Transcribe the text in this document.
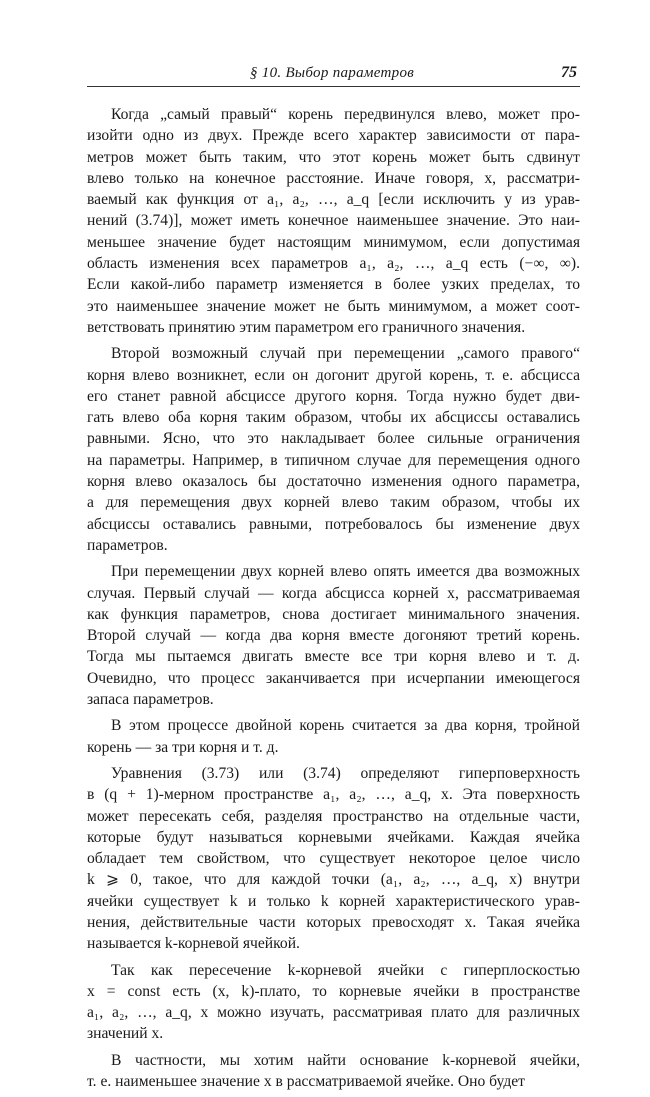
§ 10. Выбор параметров	75
Когда „самый правый“ корень передвинулся влево, может про-
изойти одно из двух. Прежде всего характер зависимости от пара-
метров может быть таким, что этот корень может быть сдвинут
влево только на конечное расстояние. Иначе говоря, x, рассматри-
ваемый как функция от a₁, a₂, …, a_q [если исключить y из урав-
нений (3.74)], может иметь конечное наименьшее значение. Это наи-
меньшее значение будет настоящим минимумом, если допустимая
область изменения всех параметров a₁, a₂, …, a_q есть (−∞, ∞).
Если какой-либо параметр изменяется в более узких пределах, то
это наименьшее значение может не быть минимумом, а может соот-
ветствовать принятию этим параметром его граничного значения.
Второй возможный случай при перемещении „самого правого“
корня влево возникнет, если он догонит другой корень, т. е. абсцисса
его станет равной абсциссе другого корня. Тогда нужно будет дви-
гать влево оба корня таким образом, чтобы их абсциссы оставались
равными. Ясно, что это накладывает более сильные ограничения
на параметры. Например, в типичном случае для перемещения одного
корня влево оказалось бы достаточно изменения одного параметра,
а для перемещения двух корней влево таким образом, чтобы их
абсциссы оставались равными, потребовалось бы изменение двух
параметров.
При перемещении двух корней влево опять имеется два возможных
случая. Первый случай — когда абсцисса корней x, рассматриваемая
как функция параметров, снова достигает минимального значения.
Второй случай — когда два корня вместе догоняют третий корень.
Тогда мы пытаемся двигать вместе все три корня влево и т. д.
Очевидно, что процесс заканчивается при исчерпании имеющегося
запаса параметров.
В этом процессе двойной корень считается за два корня, тройной
корень — за три корня и т. д.
Уравнения (3.73) или (3.74) определяют гиперповерхность
в (q + 1)-мерном пространстве a₁, a₂, …, a_q, x. Эта поверхность
может пересекать себя, разделяя пространство на отдельные части,
которые будут называться корневыми ячейками. Каждая ячейка
обладает тем свойством, что существует некоторое целое число
k ⩾ 0, такое, что для каждой точки (a₁, a₂, …, a_q, x) внутри
ячейки существует k и только k корней характеристического урав-
нения, действительные части которых превосходят x. Такая ячейка
называется k-корневой ячейкой.
Так как пересечение k-корневой ячейки с гиперплоскостью
x = const есть (x, k)-плато, то корневые ячейки в пространстве
a₁, a₂, …, a_q, x можно изучать, рассматривая плато для различных
значений x.
В частности, мы хотим найти основание k-корневой ячейки,
т. е. наименьшее значение x в рассматриваемой ячейке. Оно будет
